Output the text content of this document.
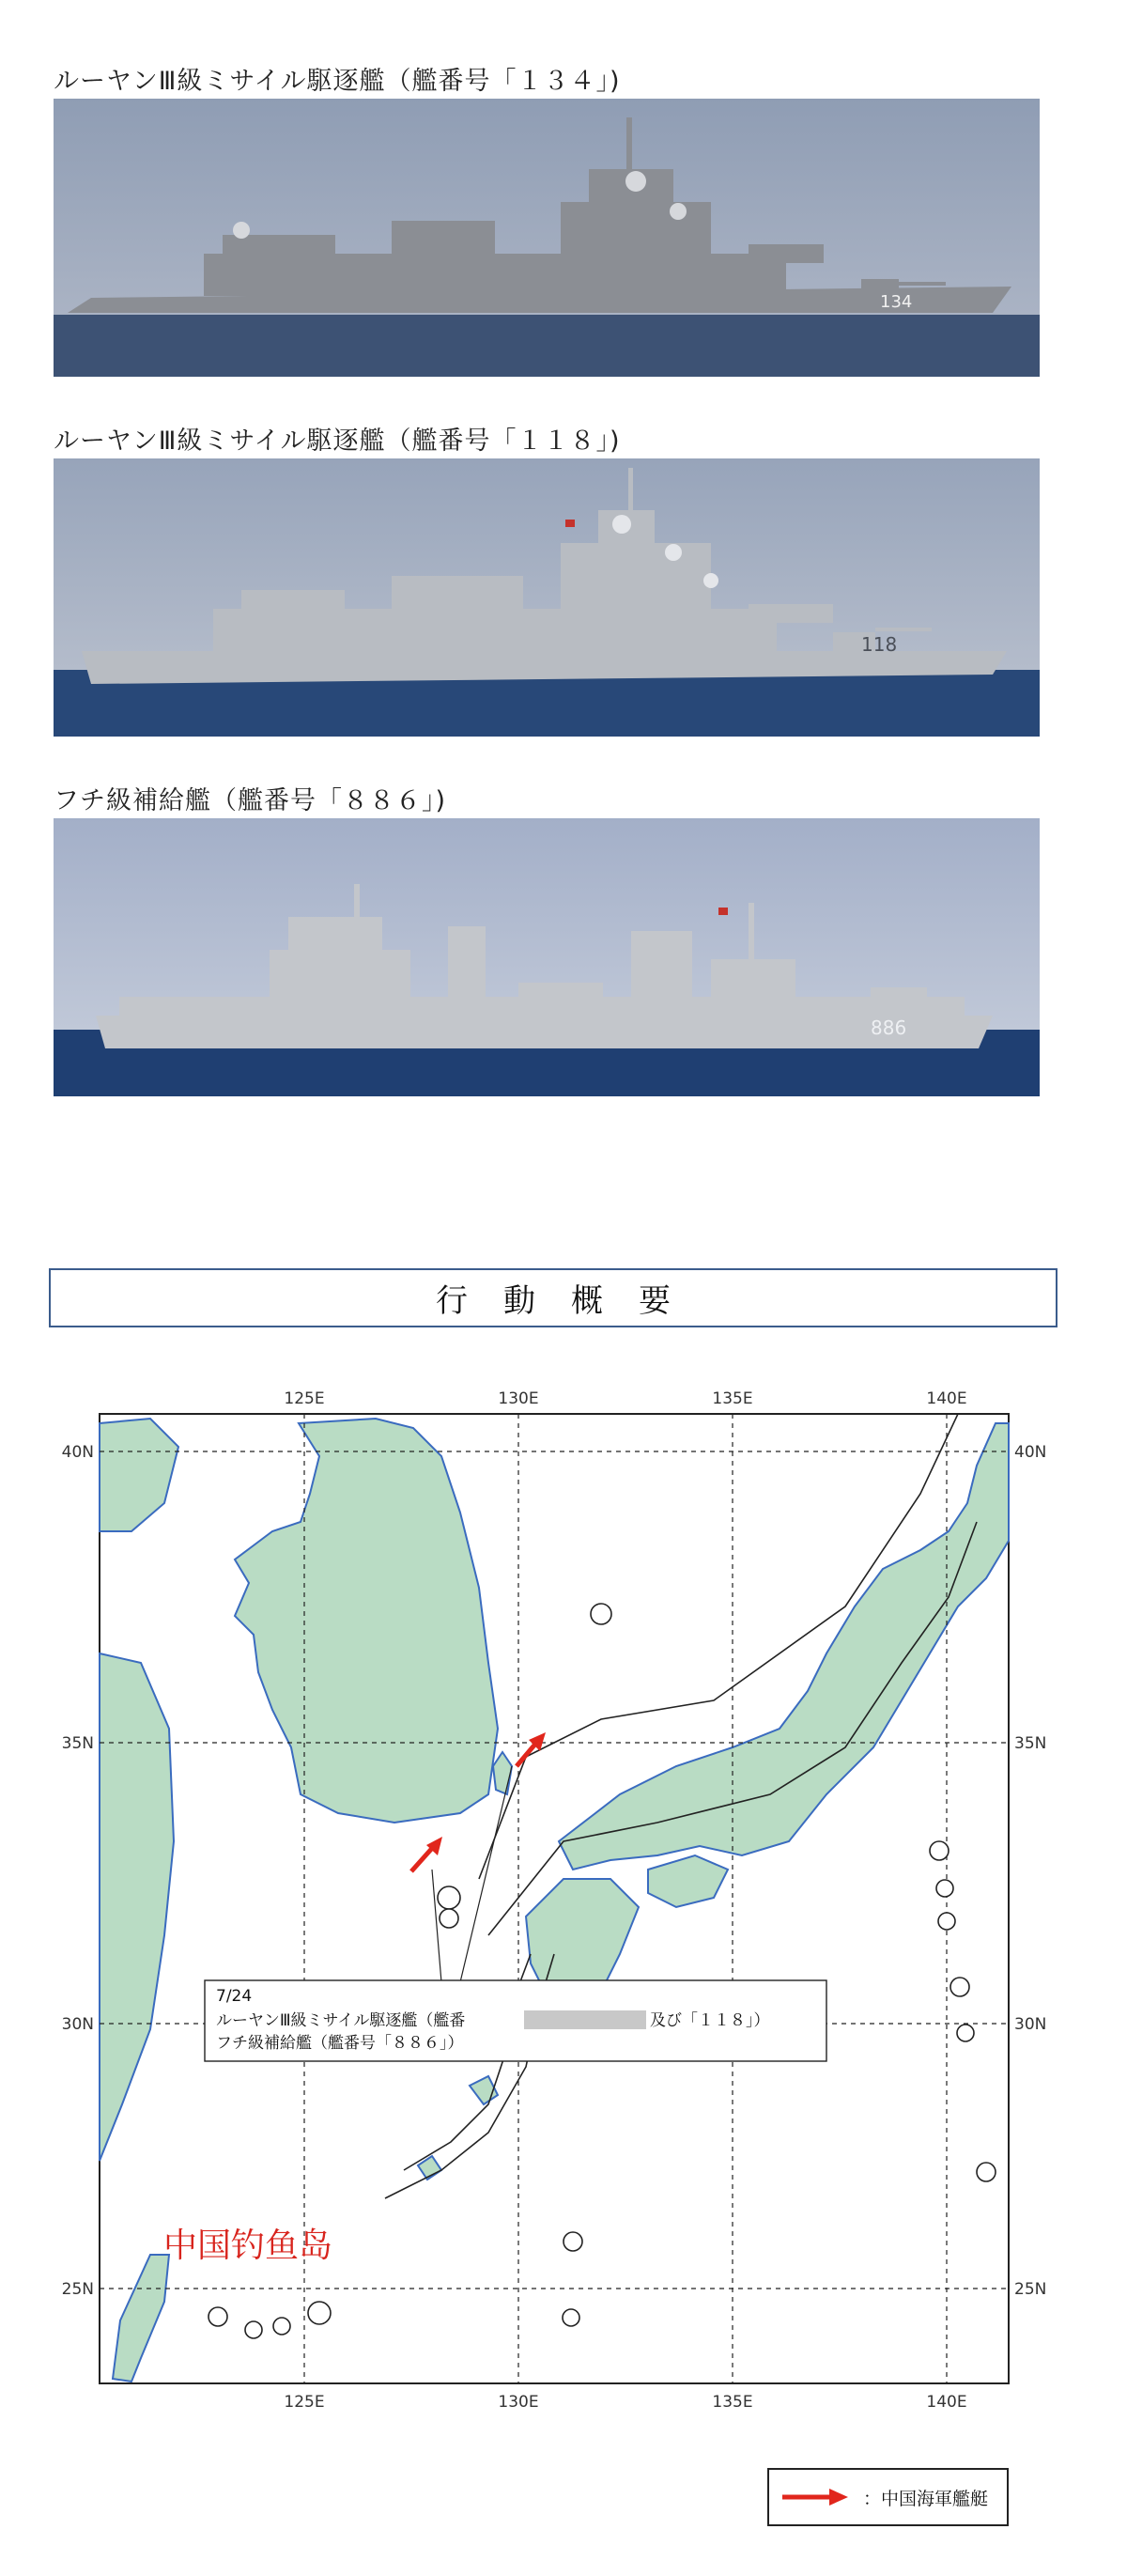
ルーヤンⅢ級ミサイル駆逐艦（艦番号「１３４」)
ルーヤンⅢ級ミサイル駆逐艦（艦番号「１１８」)
フチ級補給艦（艦番号「８８６」)
134
118
886
行動概要
125E	130E	135E	140E
125E	130E	135E	140E
40N
35N
30N
25N
40N
35N
30N
25N
7/24
ルーヤンⅢ級ミサイル駆逐艦（艦番	及び「１１８」）
フチ級補給艦（艦番号「８８６」）
中国钓鱼岛
：中国海軍艦艇
